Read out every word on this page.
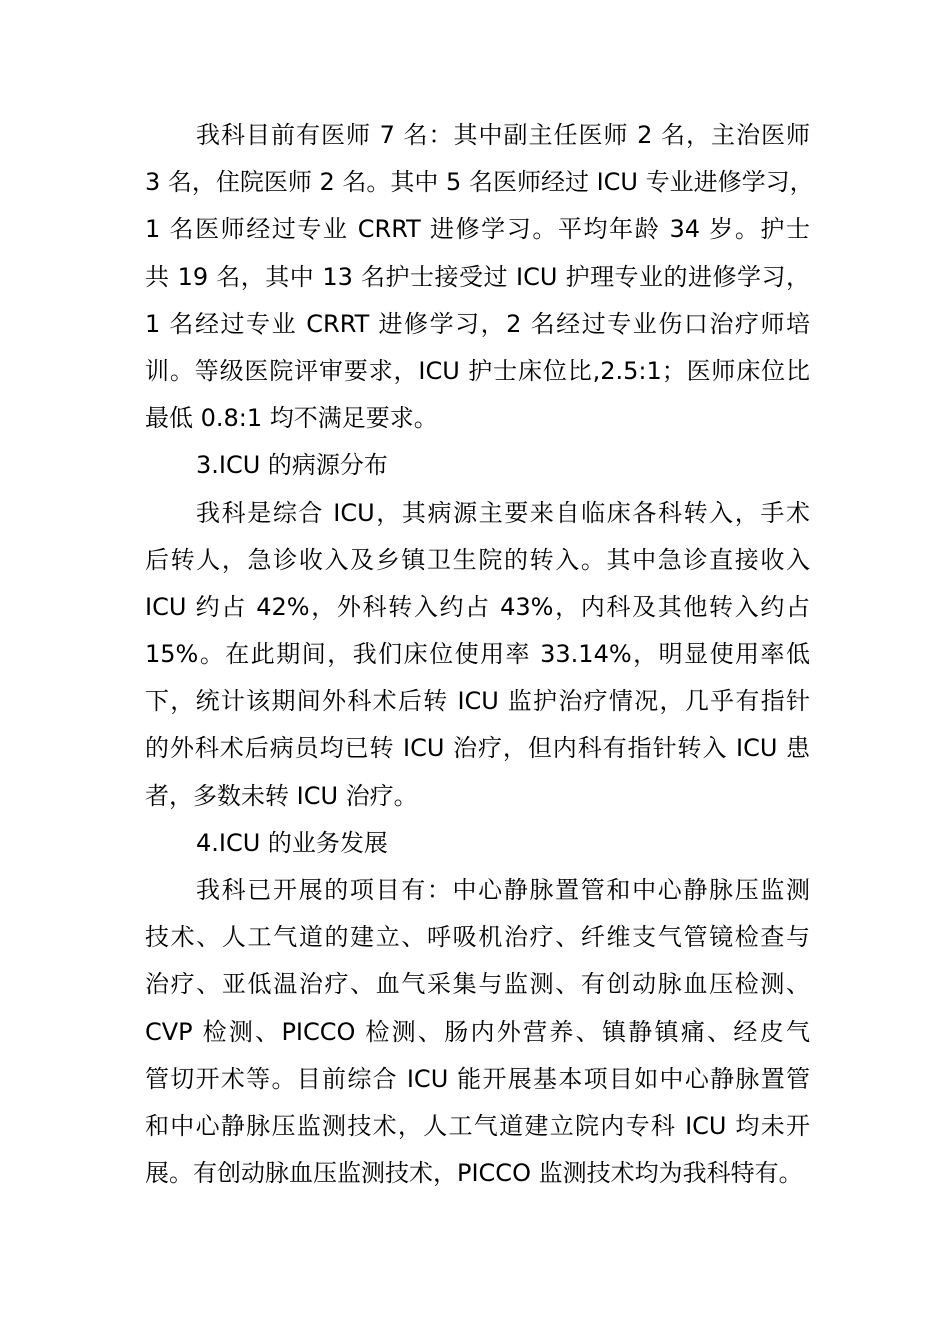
我科目前有医师 7 名：其中副主任医师 2 名，主治医师
3 名，住院医师 2 名。其中 5 名医师经过 ICU 专业进修学习，
1 名医师经过专业 CRRT 进修学习。平均年龄 34 岁。护士
共 19 名，其中 13 名护士接受过 ICU 护理专业的进修学习，
1 名经过专业 CRRT 进修学习，2 名经过专业伤口治疗师培
训。等级医院评审要求，ICU 护士床位比,2.5:1；医师床位比
最低 0.8:1 均不满足要求。
3.ICU 的病源分布
我科是综合 ICU，其病源主要来自临床各科转入，手术
后转人，急诊收入及乡镇卫生院的转入。其中急诊直接收入
ICU 约占 42%，外科转入约占 43%，内科及其他转入约占
15%。在此期间，我们床位使用率 33.14%，明显使用率低
下，统计该期间外科术后转 ICU 监护治疗情况，几乎有指针
的外科术后病员均已转 ICU 治疗，但内科有指针转入 ICU 患
者，多数未转 ICU 治疗。
4.ICU 的业务发展
我科已开展的项目有：中心静脉置管和中心静脉压监测
技术、人工气道的建立、呼吸机治疗、纤维支气管镜检查与
治疗、亚低温治疗、血气采集与监测、有创动脉血压检测、
CVP 检测、PICCO 检测、肠内外营养、镇静镇痛、经皮气
管切开术等。目前综合 ICU 能开展基本项目如中心静脉置管
和中心静脉压监测技术，人工气道建立院内专科 ICU 均未开
展。有创动脉血压监测技术，PICCO 监测技术均为我科特有。
